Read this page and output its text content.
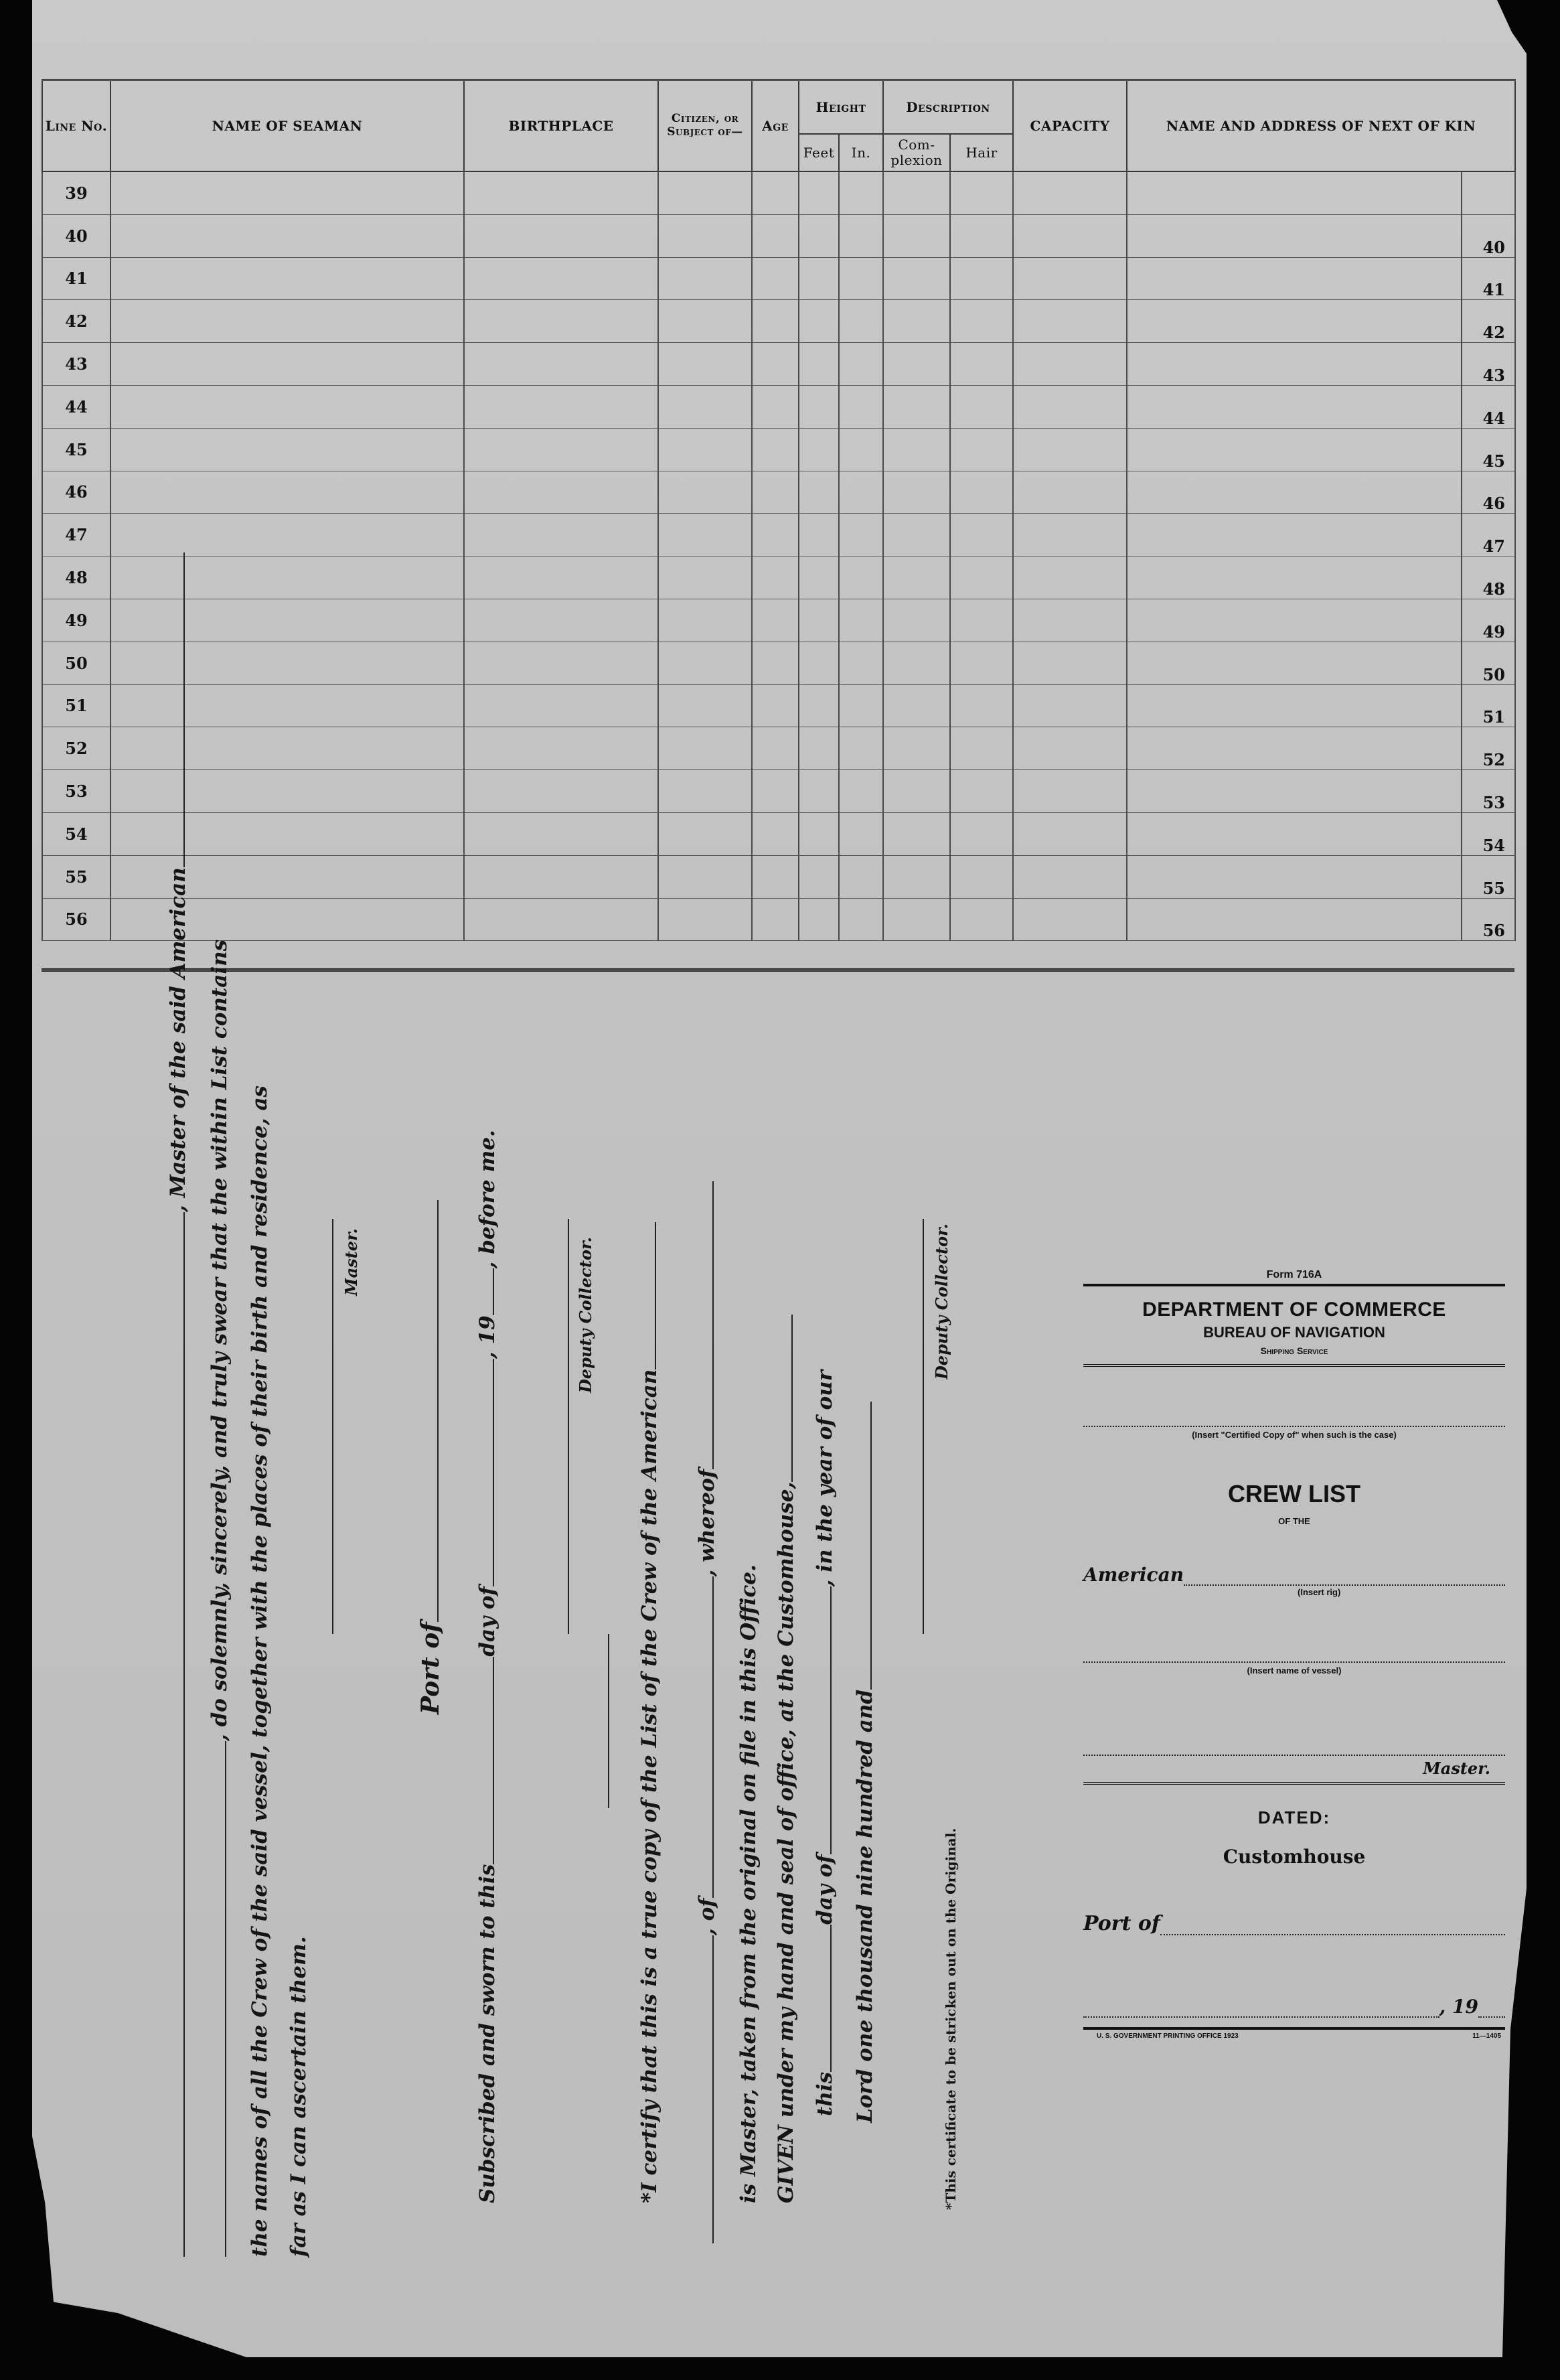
Line No.	NAME OF SEAMAN	BIRTHPLACE	Citizen, or Subject of—	Age	Height		Description		CAPACITY	NAME AND ADDRESS OF NEXT OF KIN	
					Feet	In.	Com-plexion	Hair			
39											
40											40
41											41
42											42
43											43
44											44
45											45
46											46
47											47
48											48
49											49
50											50
51											51
52											52
53											53
54											54
55											55
56											56
, Master of the said American , do solemnly, sincerely, and truly swear that the within List contains the names of all the Crew of the said vessel, together with the places of their birth and residence, as far as I can ascertain them.
Master.
Port of
Subscribed and sworn to thisday of, 19, before me.
Deputy Collector.
*I certify that this is a true copy of the List of the Crew of the American , of, whereof
is Master, taken from the original on file in this Office. GIVEN under my hand and seal of office, at the Customhouse, thisday of, in the year of our
Lord one thousand nine hundred and
Deputy Collector.
*This certificate to be stricken out on the Original.
Form 716A
DEPARTMENT OF COMMERCE
BUREAU OF NAVIGATION
Shipping Service
(Insert "Certified Copy of" when such is the case)
CREW LIST
OF THE
American
(Insert rig)
(Insert name of vessel)
Master.
DATED:
Customhouse
Port of
, 19
U. S. GOVERNMENT PRINTING OFFICE 1923	11—1405
